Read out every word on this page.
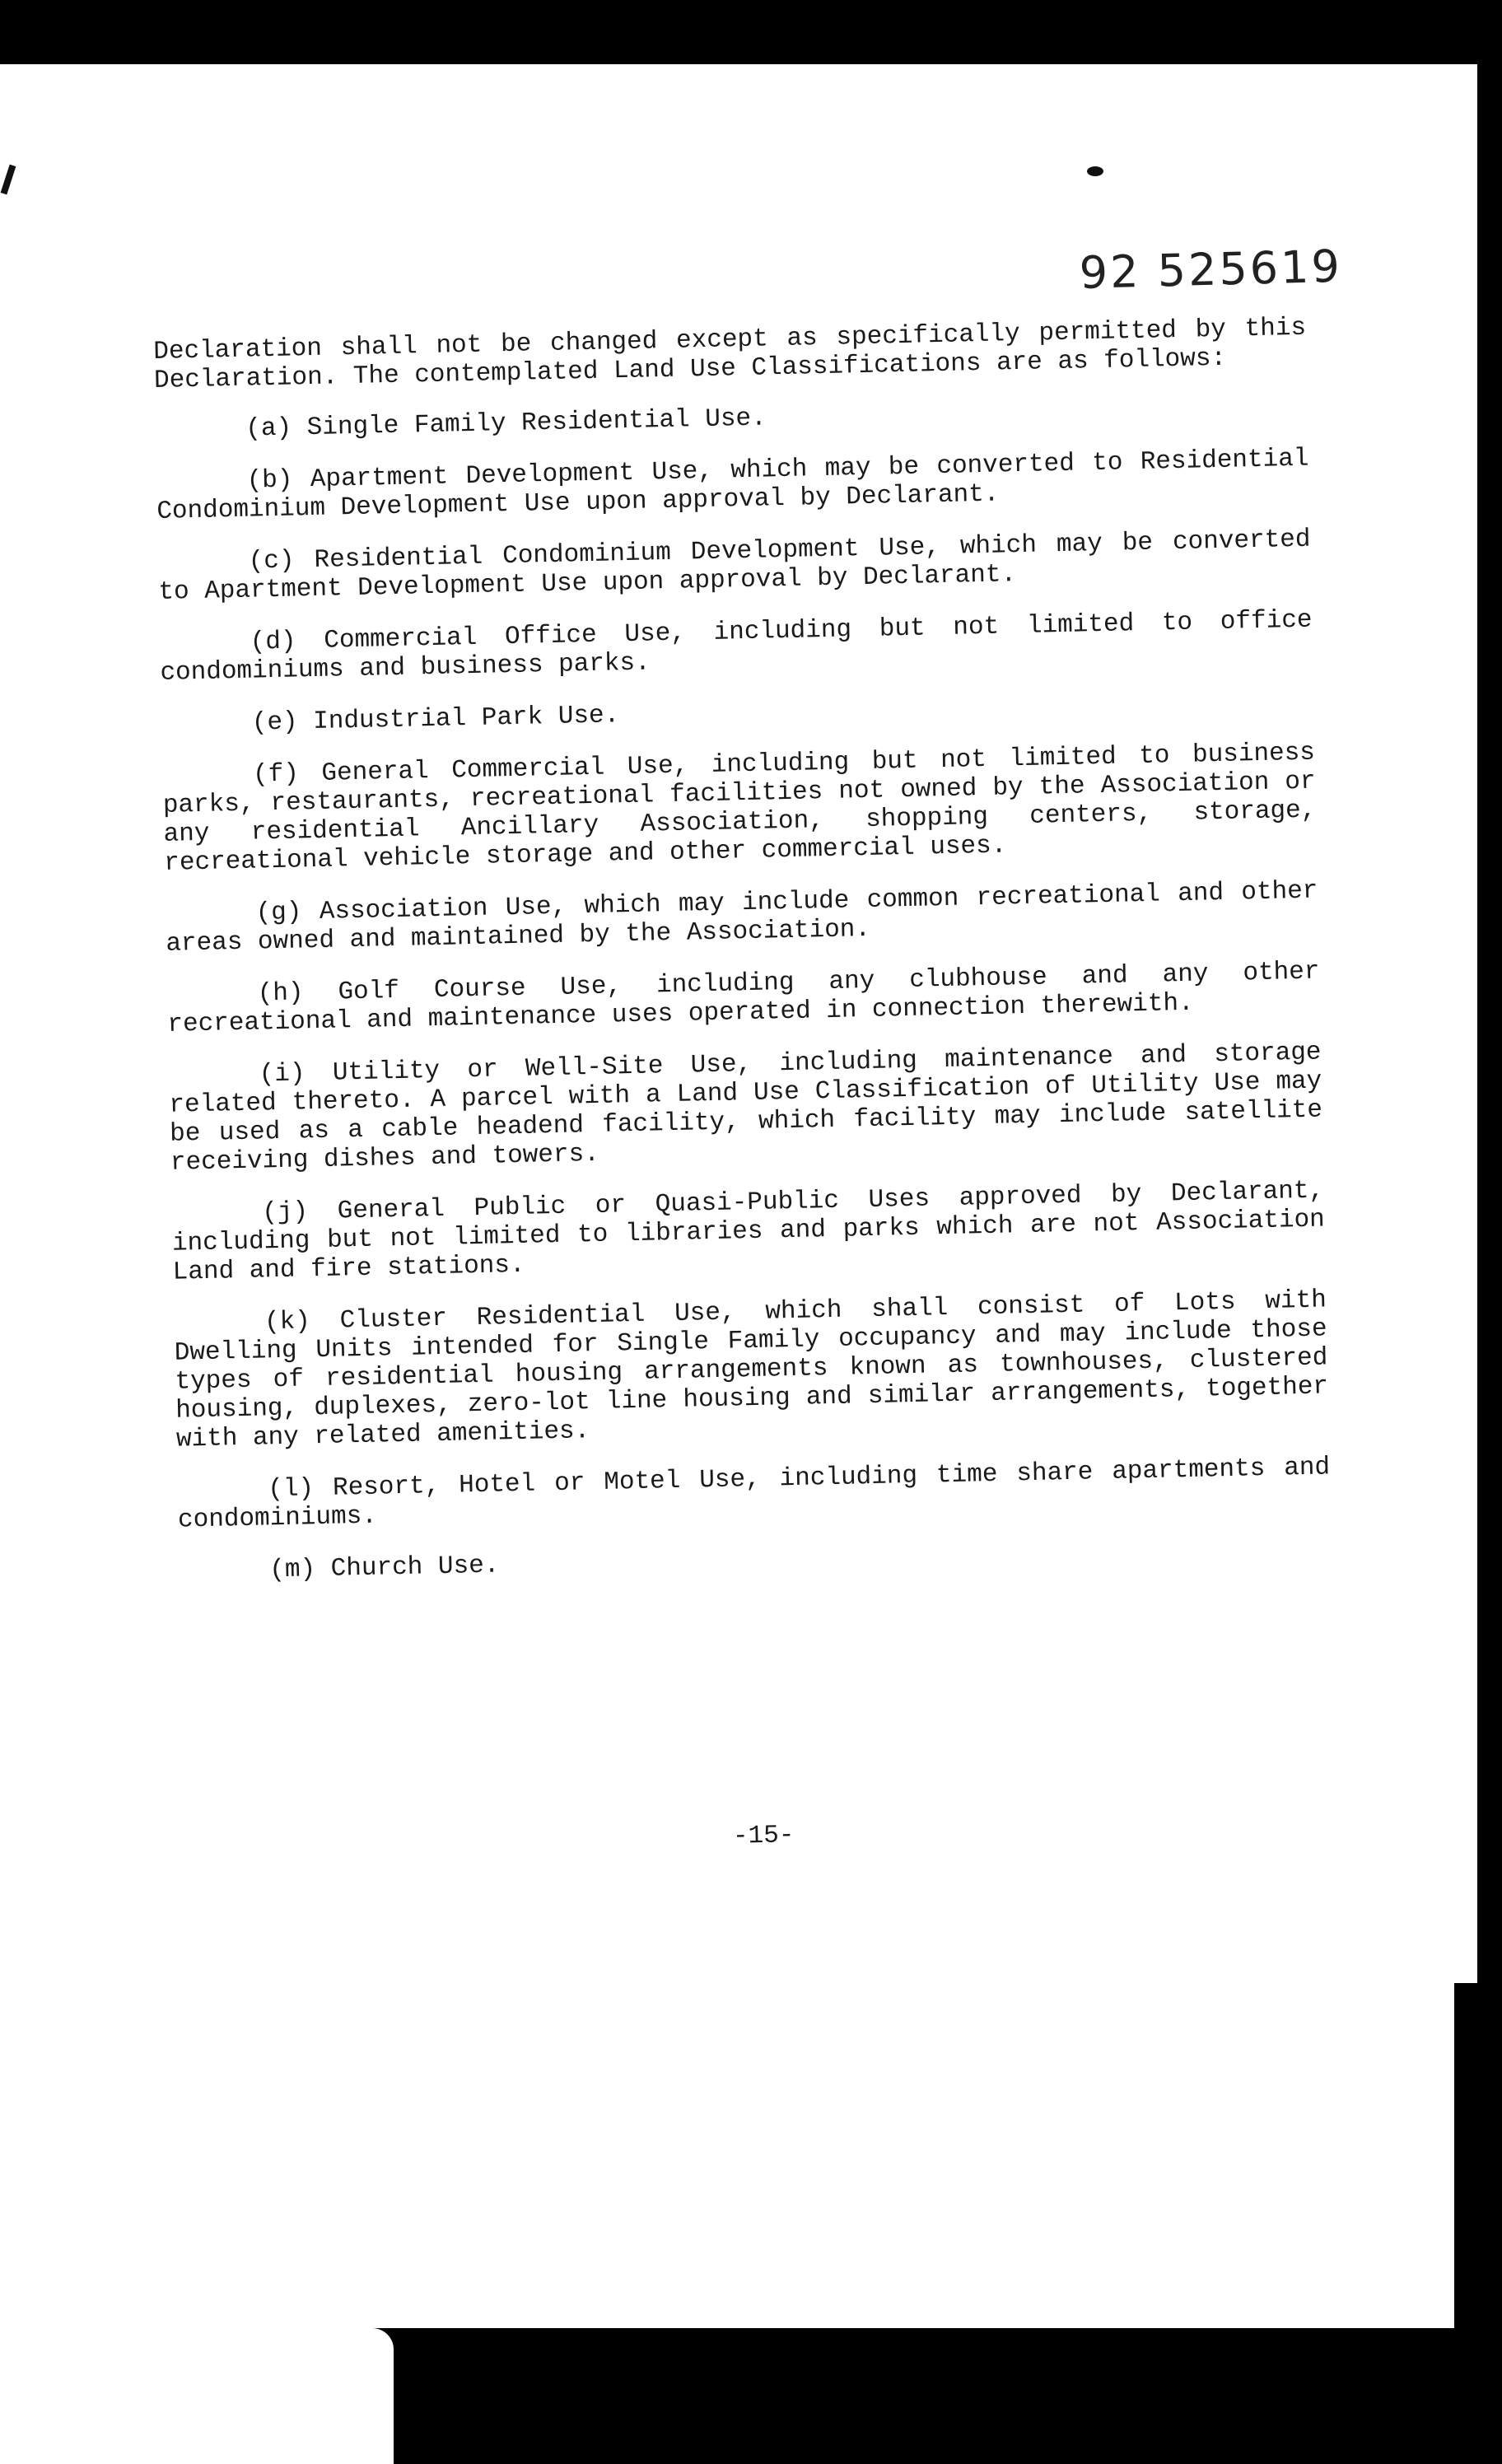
92 525619

Declaration shall not be changed except as specifically permitted by this Declaration. The contemplated Land Use Classifications are as follows:

(a) Single Family Residential Use.

(b) Apartment Development Use, which may be converted to Residential Condominium Development Use upon approval by Declarant.

(c) Residential Condominium Development Use, which may be converted to Apartment Development Use upon approval by Declarant.

(d) Commercial Office Use, including but not limited to office condominiums and business parks.

(e) Industrial Park Use.

(f) General Commercial Use, including but not limited to business parks, restaurants, recreational facilities not owned by the Association or any residential Ancillary Association, shopping centers, storage, recreational vehicle storage and other commercial uses.

(g) Association Use, which may include common recreational and other areas owned and maintained by the Association.

(h) Golf Course Use, including any clubhouse and any other recreational and maintenance uses operated in connection therewith.

(i) Utility or Well-Site Use, including maintenance and storage related thereto. A parcel with a Land Use Classification of Utility Use may be used as a cable headend facility, which facility may include satellite receiving dishes and towers.

(j) General Public or Quasi-Public Uses approved by Declarant, including but not limited to libraries and parks which are not Association Land and fire stations.

(k) Cluster Residential Use, which shall consist of Lots with Dwelling Units intended for Single Family occupancy and may include those types of residential housing arrangements known as townhouses, clustered housing, duplexes, zero-lot line housing and similar arrangements, together with any related amenities.

(l) Resort, Hotel or Motel Use, including time share apartments and condominiums.

(m) Church Use.

-15-
